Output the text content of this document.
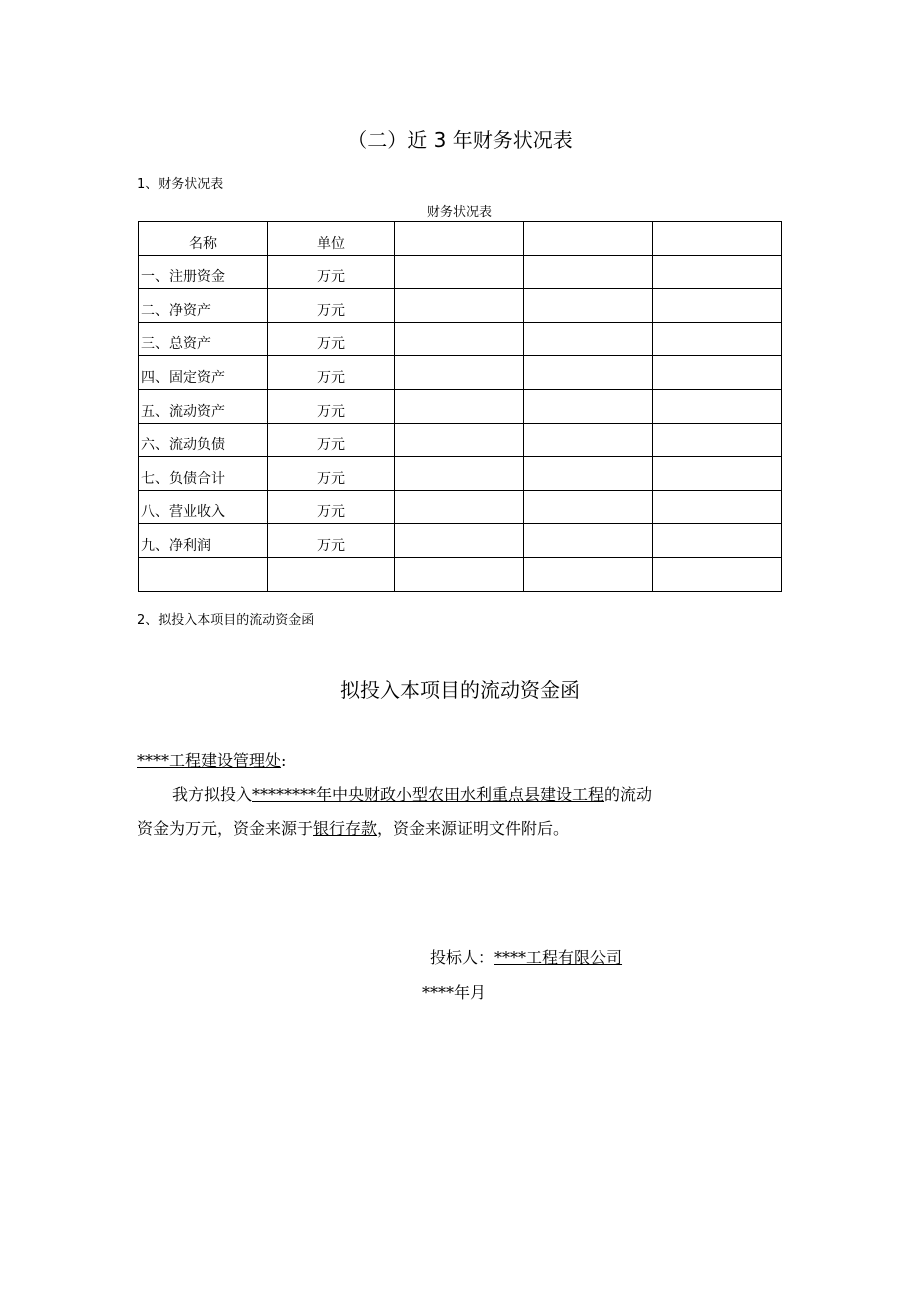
（二）近 3 年财务状况表
1、财务状况表
财务状况表
名称	单位			
一、注册资金	万元			
二、净资产	万元			
三、总资产	万元			
四、固定资产	万元			
五、流动资产	万元			
六、流动负债	万元			
七、负债合计	万元			
八、营业收入	万元			
九、净利润	万元			

2、拟投入本项目的流动资金函
拟投入本项目的流动资金函
****工程建设管理处:
我方拟投入********年中央财政小型农田水利重点县建设工程的流动
资金为万元，资金来源于银行存款，资金来源证明文件附后。
投标人：****工程有限公司
****年月
